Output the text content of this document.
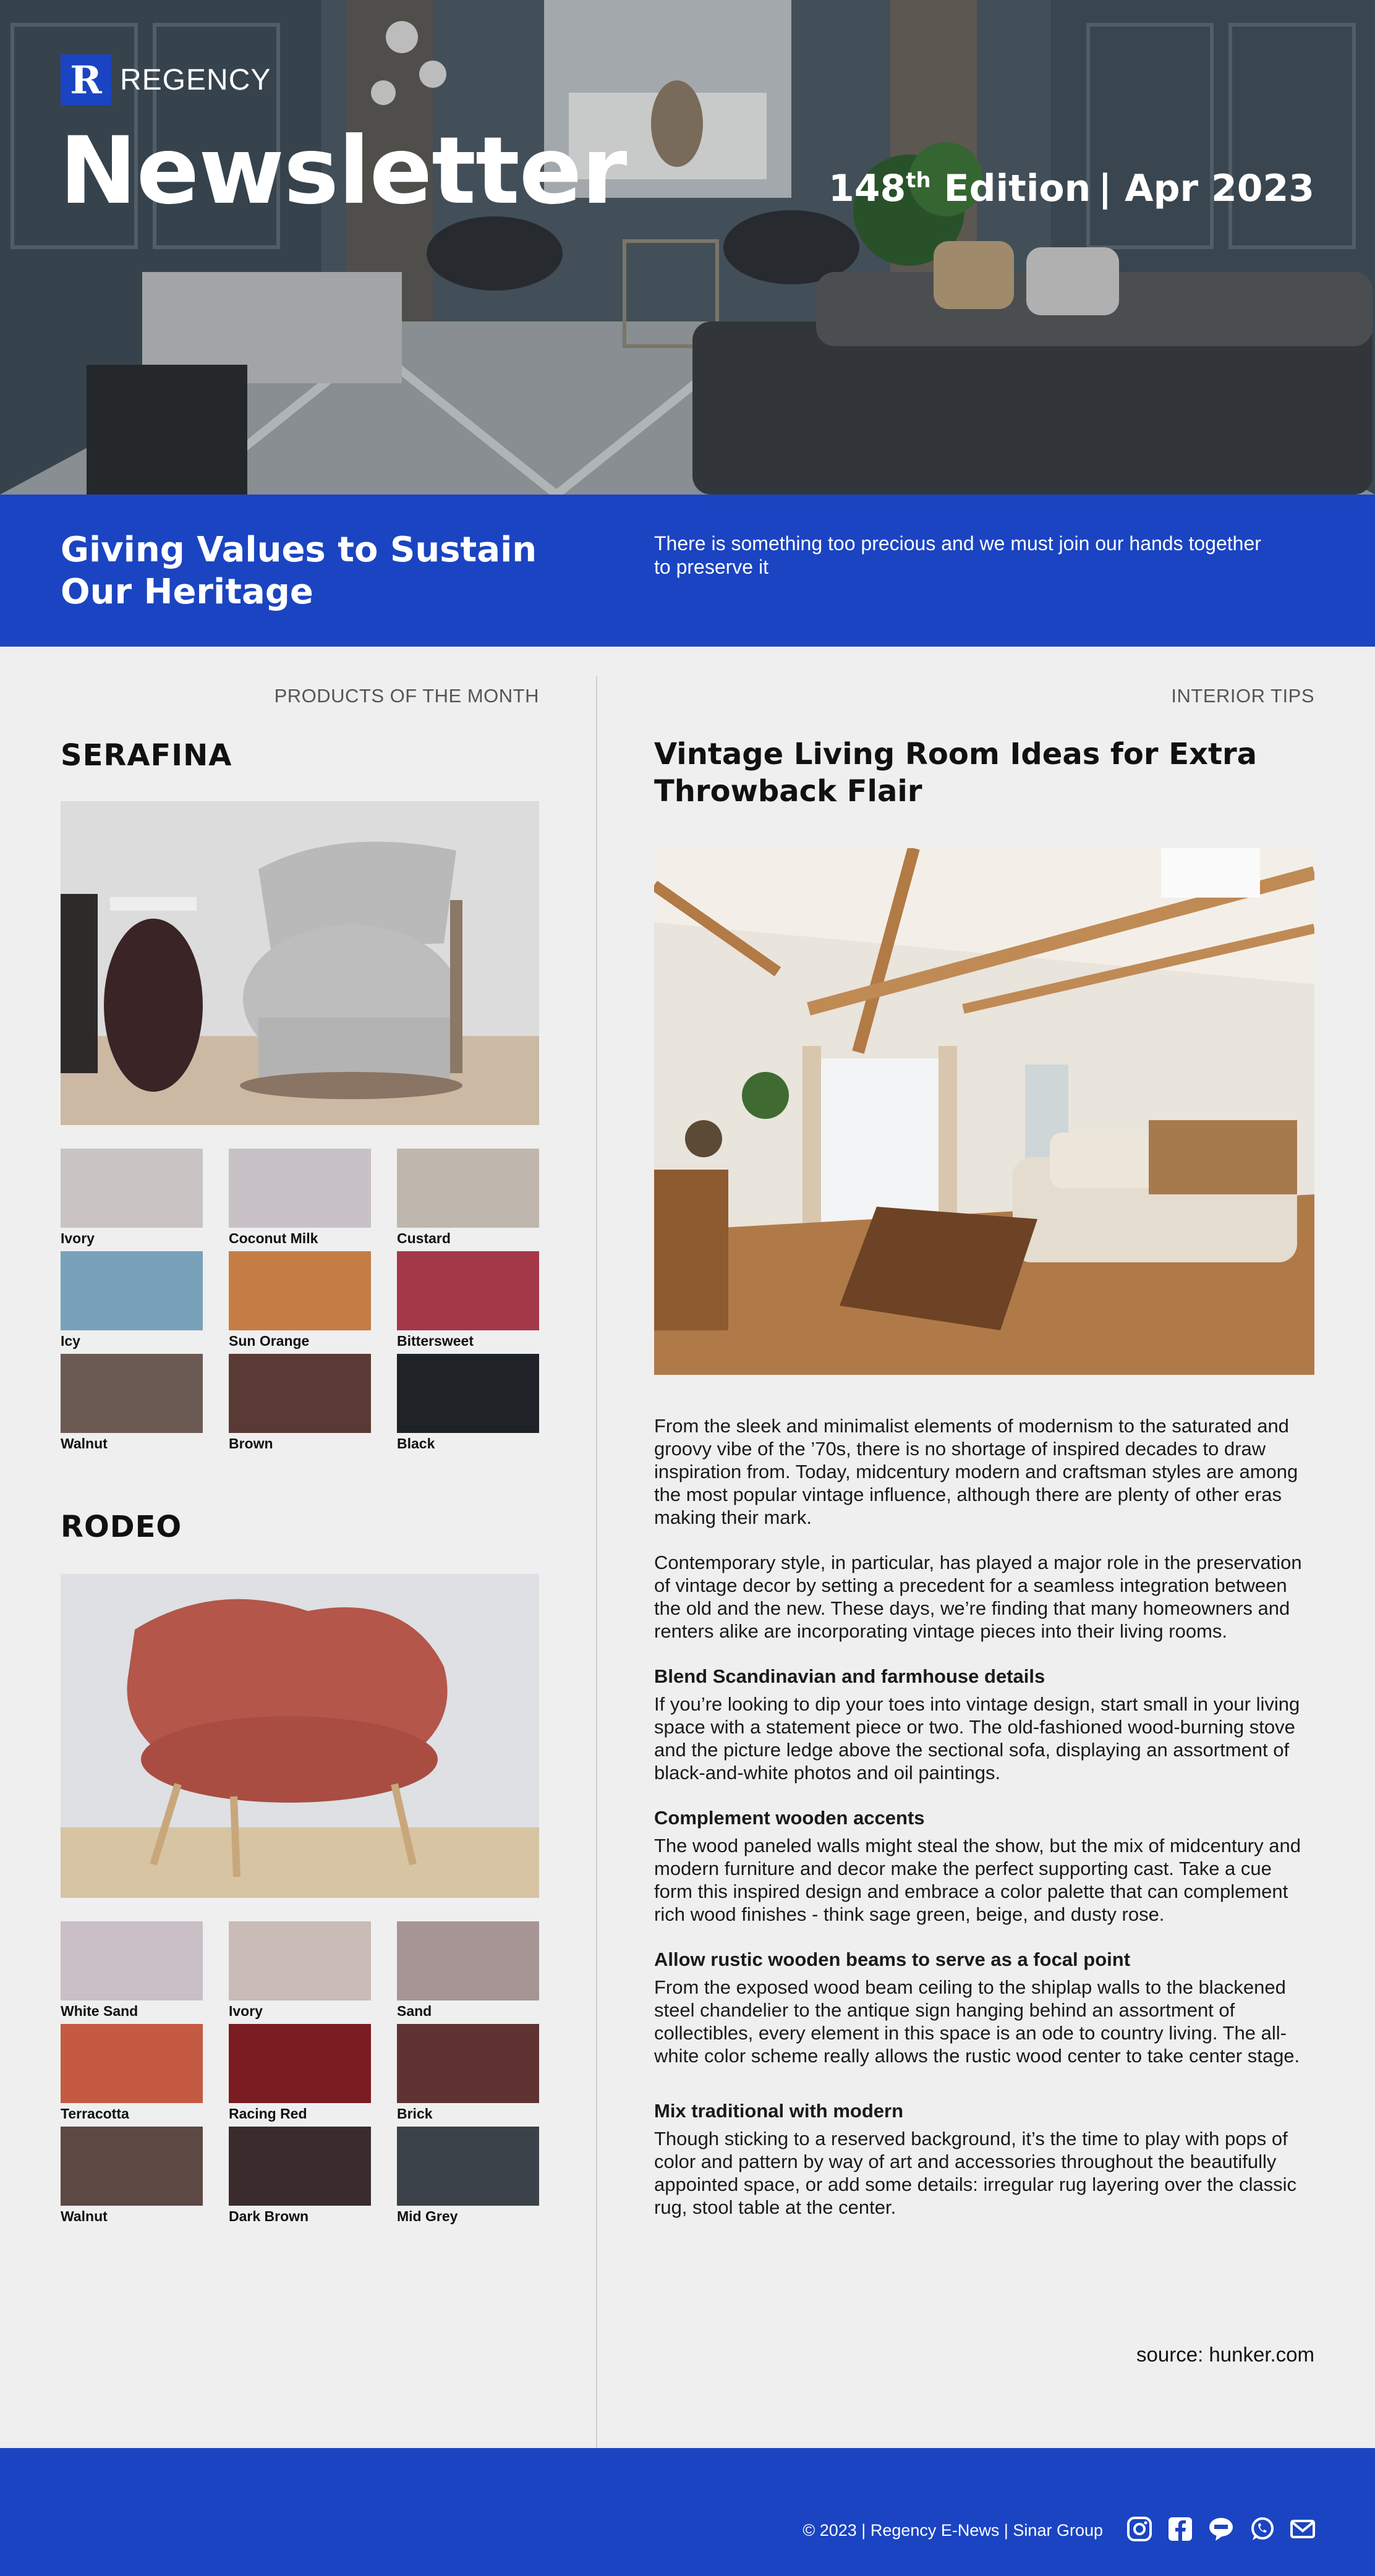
R REGENCY
Newsletter	148th Edition | Apr 2023
Giving Values to Sustain Our Heritage
There is something too precious and we must join our hands together to preserve it
PRODUCTS OF THE MONTH
SERAFINA
Ivory	Coconut Milk	Custard
Icy	Sun Orange	Bittersweet
Walnut	Brown	Black
RODEO
White Sand	Ivory	Sand
Terracotta	Racing Red	Brick
Walnut	Dark Brown	Mid Grey
INTERIOR TIPS
Vintage Living Room Ideas for Extra Throwback Flair

From the sleek and minimalist elements of modernism to the saturated and groovy vibe of the ’70s, there is no shortage of inspired decades to draw inspiration from. Today, midcentury modern and craftsman styles are among the most popular vintage influence, although there are plenty of other eras making their mark.

Contemporary style, in particular, has played a major role in the preservation of vintage decor by setting a precedent for a seamless integration between the old and the new. These days, we’re finding that many homeowners and renters alike are incorporating vintage pieces into their living rooms.

Blend Scandinavian and farmhouse details

If you’re looking to dip your toes into vintage design, start small in your living space with a statement piece or two. The old-fashioned wood-burning stove and the picture ledge above the sectional sofa, displaying an assortment of black-and-white photos and oil paintings.

Complement wooden accents

The wood paneled walls might steal the show, but the mix of midcentury and modern furniture and decor make the perfect supporting cast. Take a cue form this inspired design and embrace a color palette that can complement rich wood finishes - think sage green, beige, and dusty rose.

Allow rustic wooden beams to serve as a focal point

From the exposed wood beam ceiling to the shiplap walls to the blackened steel chandelier to the antique sign hanging behind an assortment of collectibles, every element in this space is an ode to country living. The all-white color scheme really allows the rustic wood center to take center stage.

Mix traditional with modern

Though sticking to a reserved background, it’s the time to play with pops of color and pattern by way of art and accessories throughout the beautifully appointed space, or add some details: irregular rug layering over the classic rug, stool table at the center.

source: hunker.com
© 2023 | Regency E-News | Sinar Group
